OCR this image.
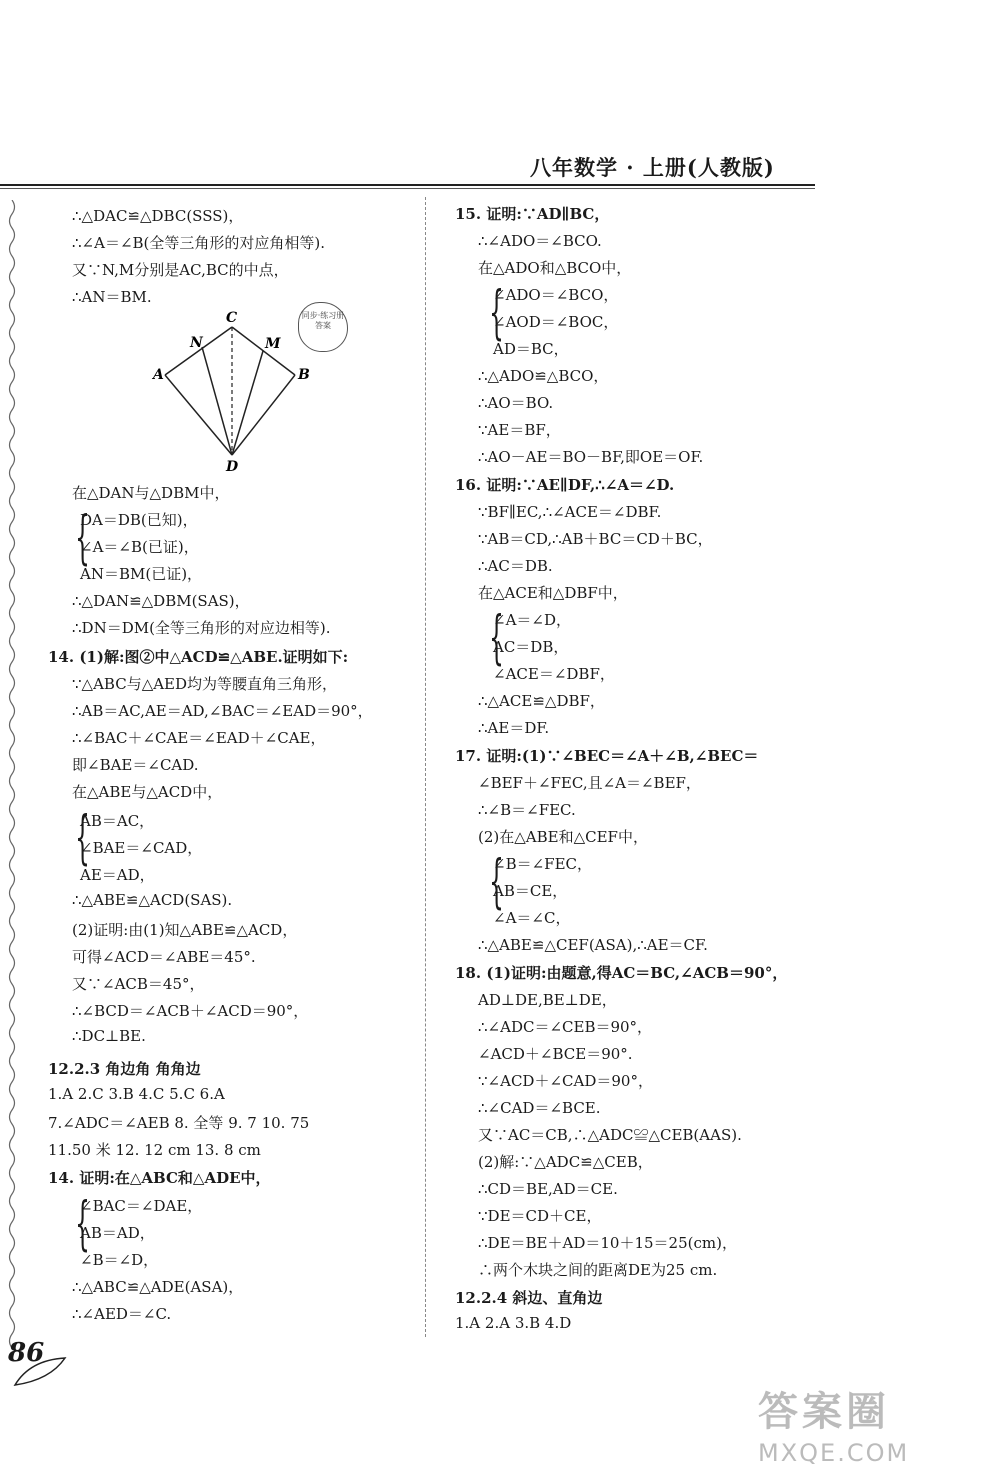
八年数学 · 上册(人教版)
∴△DAC≌△DBC(SSS)，
∴∠A＝∠B(全等三角形的对应角相等).
又∵N,M分别是AC,BC的中点，
∴AN＝BM.
在△DAN与△DBM中，
{
DA＝DB(已知)，
∠A＝∠B(已证)，
AN＝BM(已证)，
∴△DAN≌△DBM(SAS)，
∴DN＝DM(全等三角形的对应边相等).
14. (1)解:图②中△ACD≌△ABE.证明如下:
∵△ABC与△AED均为等腰直角三角形，
∴AB＝AC,AE＝AD,∠BAC＝∠EAD＝90°，
∴∠BAC＋∠CAE＝∠EAD＋∠CAE，
即∠BAE＝∠CAD.
在△ABE与△ACD中，
{
AB＝AC，
∠BAE＝∠CAD，
AE＝AD，
∴△ABE≌△ACD(SAS).
(2)证明:由(1)知△ABE≌△ACD，
可得∠ACD＝∠ABE＝45°.
又∵∠ACB＝45°，
∴∠BCD＝∠ACB＋∠ACD＝90°，
∴DC⊥BE.
12.2.3 角边角 角角边
1.A 2.C 3.B 4.C 5.C 6.A
7.∠ADC＝∠AEB 8. 全等 9. 7 10. 75
11.50 米 12. 12 cm 13. 8 cm
14. 证明:在△ABC和△ADE中，
{
∠BAC＝∠DAE，
AB＝AD，
∠B＝∠D，
∴△ABC≌△ADE(ASA)，
∴∠AED＝∠C.
C
N	M
A	B
D
同步·练习册答案
15. 证明:∵AD∥BC，
∴∠ADO＝∠BCO.
在△ADO和△BCO中，
{
∠ADO＝∠BCO，
∠AOD＝∠BOC，
AD＝BC，
∴△ADO≌△BCO，
∴AO＝BO.
∵AE＝BF，
∴AO－AE＝BO－BF,即OE＝OF.
16. 证明:∵AE∥DF,∴∠A＝∠D.
∵BF∥EC,∴∠ACE＝∠DBF.
∵AB＝CD,∴AB＋BC＝CD＋BC，
∴AC＝DB.
在△ACE和△DBF中，
{
∠A＝∠D，
AC＝DB，
∠ACE＝∠DBF，
∴△ACE≌△DBF，
∴AE＝DF.
17. 证明:(1)∵∠BEC＝∠A＋∠B,∠BEC＝
∠BEF＋∠FEC,且∠A＝∠BEF，
∴∠B＝∠FEC.
(2)在△ABE和△CEF中，
{
∠B＝∠FEC，
AB＝CE，
∠A＝∠C，
∴△ABE≌△CEF(ASA),∴AE＝CF.
18. (1)证明:由题意,得AC＝BC,∠ACB＝90°，
AD⊥DE,BE⊥DE，
∴∠ADC＝∠CEB＝90°，
∠ACD＋∠BCE＝90°.
∵∠ACD＋∠CAD＝90°，
∴∠CAD＝∠BCE.
又∵AC＝CB,∴△ADC≌△CEB(AAS).
(2)解:∵△ADC≌△CEB，
∴CD＝BE,AD＝CE.
∵DE＝CD＋CE，
∴DE＝BE＋AD＝10＋15＝25(cm)，
∴两个木块之间的距离DE为25 cm.
12.2.4 斜边、直角边
1.A 2.A 3.B 4.D
86
答案圈
MXQE.COM
